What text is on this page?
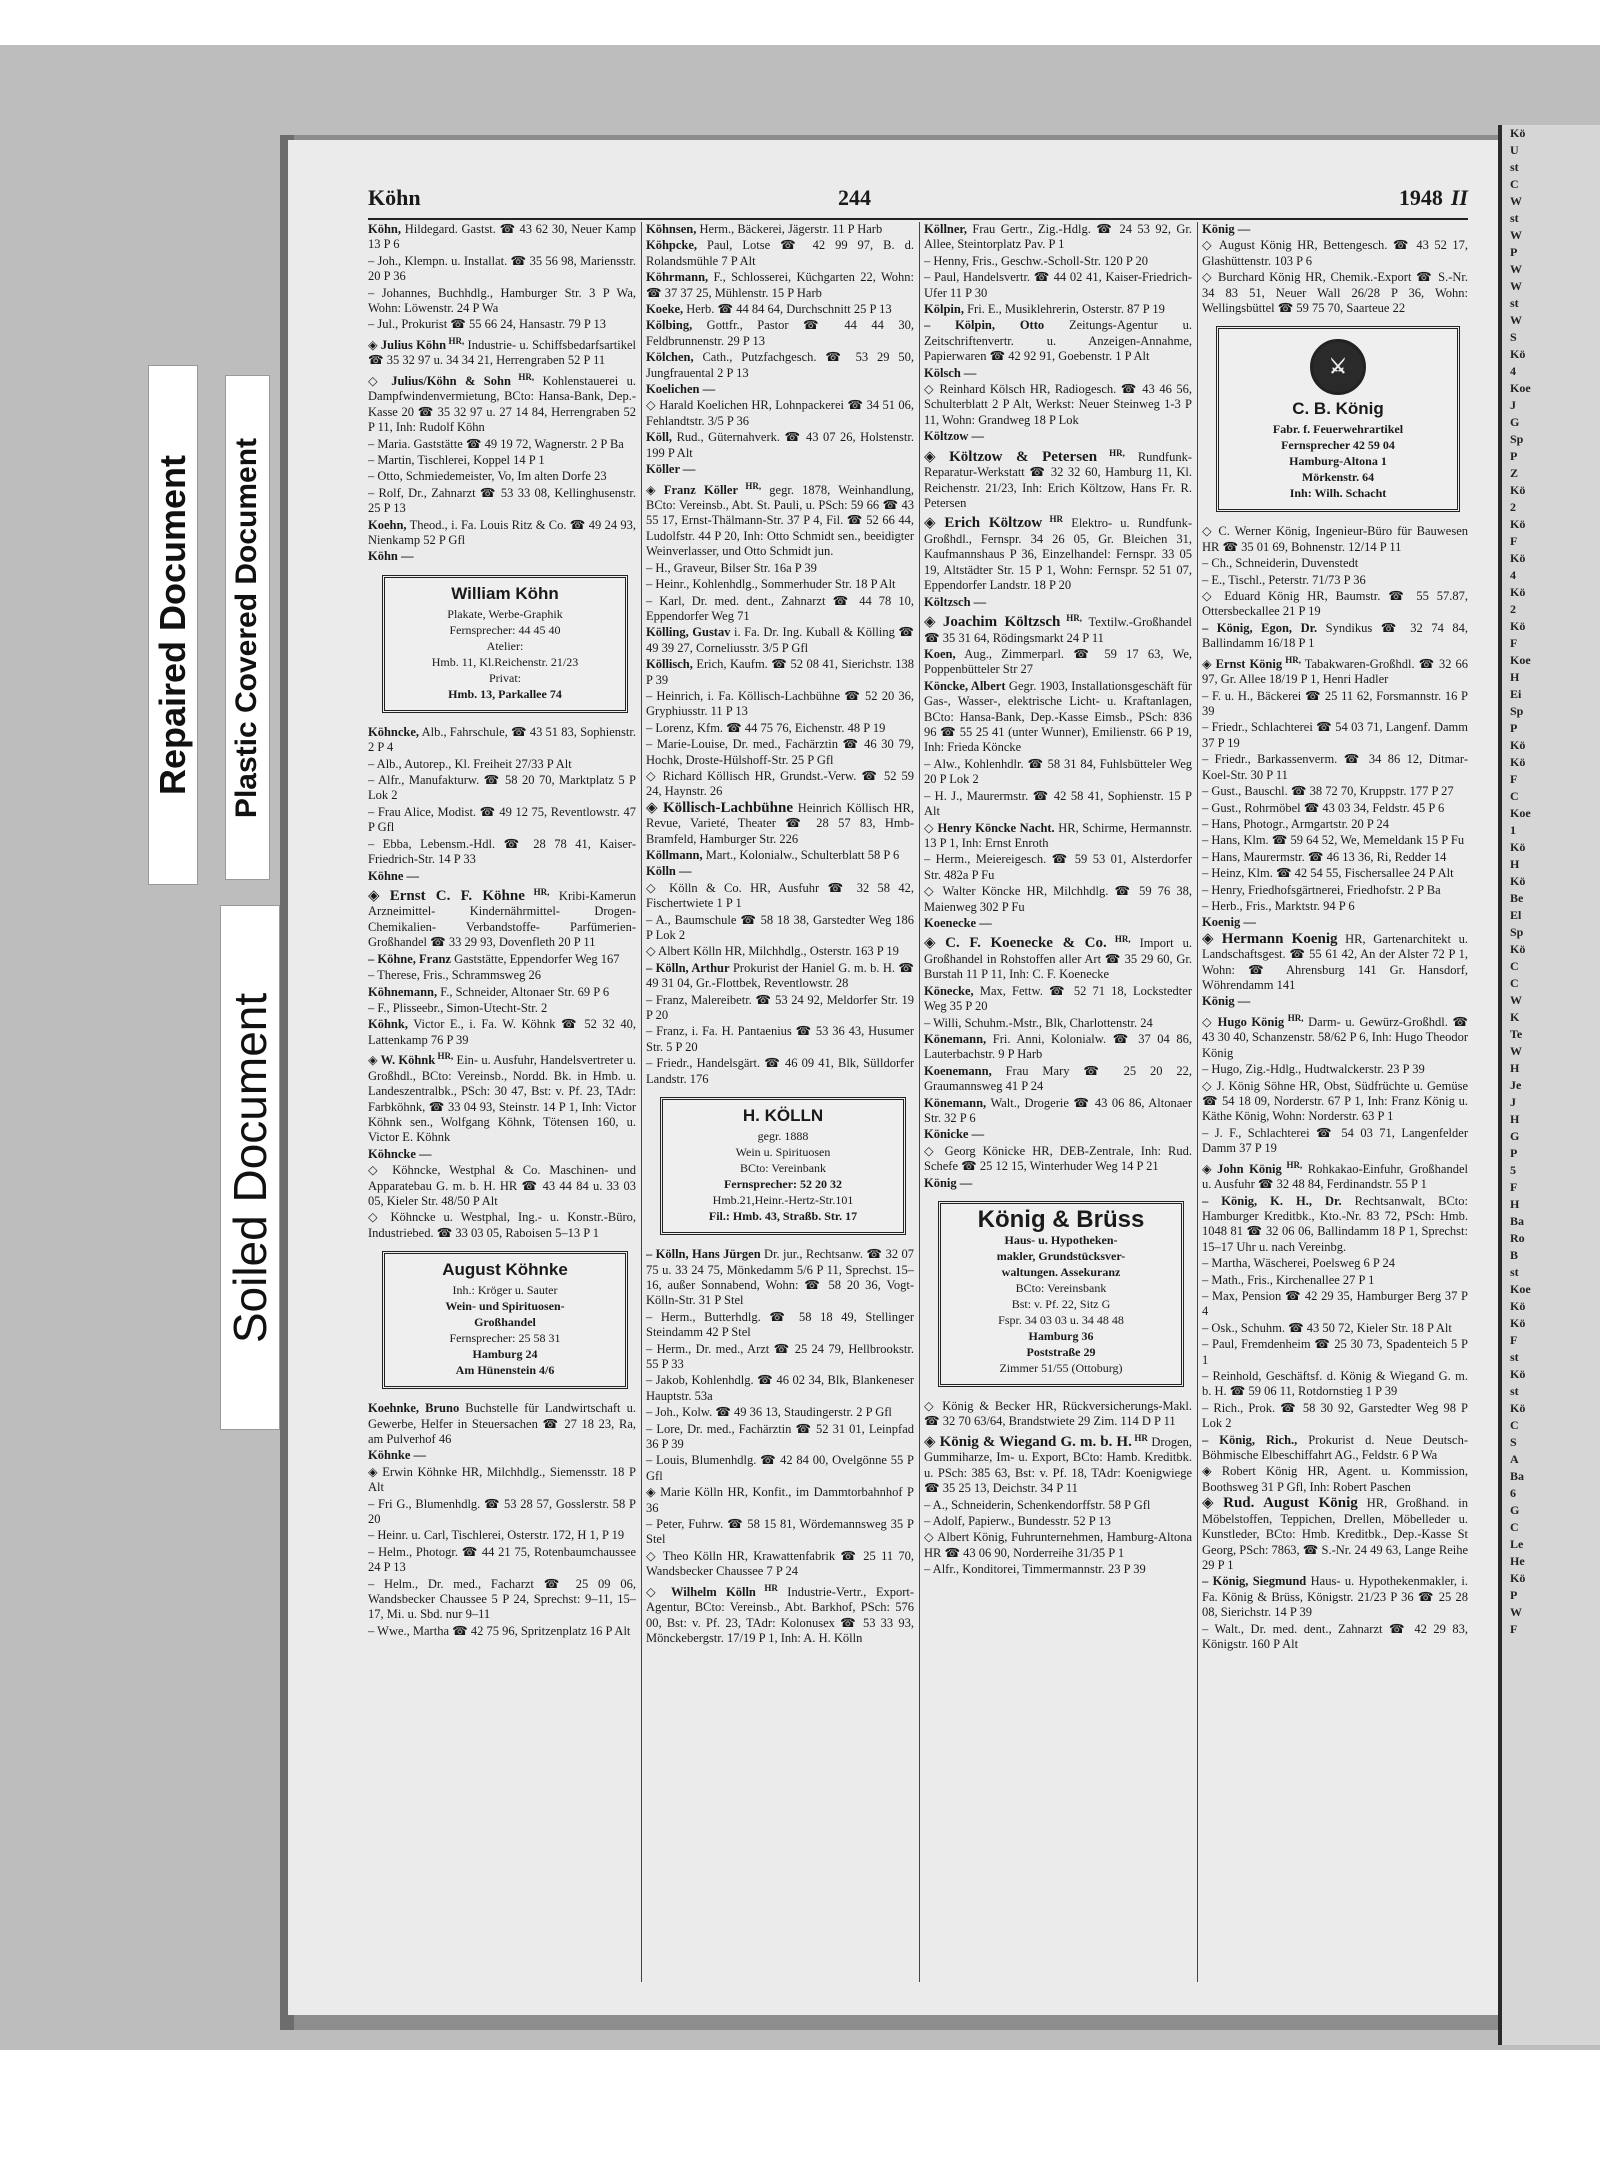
Repaired Document Plastic Covered Document
Soiled Document
Kö
U
st
C
W
st
W
P
W
W
st
W
S
Kö
4
Koe
J
G
Sp
P
Z
Kö
2
Kö
F
Kö
4
Kö
2
Kö
F
Koe
H
Ei
Sp
P
Kö
Kö
F
C
Koe
1
Kö
H
Kö
Be
El
Sp
Kö
C
C
W
K
Te
W
H
Je
J
H
G
P
5
F
H
Ba
Ro
B
st
Koe
Kö
Kö
F
st
Kö
st
Kö
C
S
A
Ba
6
G
C
Le
He
Kö
P
W
F
Köhn	244	1948 II
Köhn, Hildegard. Gastst. ☎ 43 62 30, Neuer Kamp 13 P 6
– Joh., Klempn. u. Installat. ☎ 35 56 98, Mariensstr. 20 P 36
– Johannes, Buchhdlg., Hamburger Str. 3 P Wa, Wohn: Löwenstr. 24 P Wa
– Jul., Prokurist ☎ 55 66 24, Hansastr. 79 P 13
◈ Julius Köhn $^{HR,}$ Industrie- u. Schiffsbedarfsartikel ☎ 35 32 97 u. 34 34 21, Herrengraben 52 P 11
◇ Julius/Köhn & Sohn $^{HR,}$ Kohlenstauerei u. Dampfwindenvermietung, BCto: Hansa-Bank, Dep.-Kasse 20 ☎ 35 32 97 u. 27 14 84, Herrengraben 52 P 11, Inh: Rudolf Köhn
– Maria. Gaststätte ☎ 49 19 72, Wagnerstr. 2 P Ba
– Martin, Tischlerei, Koppel 14 P 1
– Otto, Schmiedemeister, Vo, Im alten Dorfe 23
– Rolf, Dr., Zahnarzt ☎ 53 33 08, Kellinghusenstr. 25 P 13
Koehn, Theod., i. Fa. Louis Ritz & Co. ☎ 49 24 93, Nienkamp 52 P Gfl
Köhn —
William Köhn
Plakate, Werbe-Graphik
Fernsprecher: 44 45 40
Atelier:
Hmb. 11, Kl.Reichenstr. 21/23
Privat:
Hmb. 13, Parkallee 74
Köhncke, Alb., Fahrschule, ☎ 43 51 83, Sophienstr. 2 P 4
– Alb., Autorep., Kl. Freiheit 27/33 P Alt
– Alfr., Manufakturw. ☎ 58 20 70, Marktplatz 5 P Lok 2
– Frau Alice, Modist. ☎ 49 12 75, Reventlowstr. 47 P Gfl
– Ebba, Lebensm.-Hdl. ☎ 28 78 41, Kaiser-Friedrich-Str. 14 P 33
Köhne —
◈ Ernst C. F. Köhne $^{HR,}$ Kribi-Kamerun Arzneimittel- Kindernährmittel- Drogen- Chemikalien- Verbandstoffe- Parfümerien-Großhandel ☎ 33 29 93, Dovenfleth 20 P 11
– Köhne, Franz Gaststätte, Eppendorfer Weg 167
– Therese, Fris., Schrammsweg 26
Köhnemann, F., Schneider, Altonaer Str. 69 P 6
– F., Plisseebr., Simon-Utecht-Str. 2
Köhnk, Victor E., i. Fa. W. Köhnk ☎ 52 32 40, Lattenkamp 76 P 39
◈ W. Köhnk $^{HR,}$ Ein- u. Ausfuhr, Handelsvertreter u. Großhdl., BCto: Vereinsb., Nordd. Bk. in Hmb. u. Landeszentralbk., PSch: 30 47, Bst: v. Pf. 23, TAdr: Farbköhnk, ☎ 33 04 93, Steinstr. 14 P 1, Inh: Victor Köhnk sen., Wolfgang Köhnk, Tötensen 160, u. Victor E. Köhnk
Köhncke —
◇ Köhncke, Westphal & Co. Maschinen- und Apparatebau G. m. b. H. HR ☎ 43 44 84 u. 33 03 05, Kieler Str. 48/50 P Alt
◇ Köhncke u. Westphal, Ing.- u. Konstr.-Büro, Industriebed. ☎ 33 03 05, Raboisen 5–13 P 1
August Köhnke
Inh.: Kröger u. Sauter
Wein- und Spirituosen-
Großhandel
Fernsprecher: 25 58 31
Hamburg 24
Am Hünenstein 4/6
Koehnke, Bruno Buchstelle für Landwirtschaft u. Gewerbe, Helfer in Steuersachen ☎ 27 18 23, Ra, am Pulverhof 46
Köhnke —
◈ Erwin Köhnke HR, Milchhdlg., Siemensstr. 18 P Alt
– Fri G., Blumenhdlg. ☎ 53 28 57, Gosslerstr. 58 P 20
– Heinr. u. Carl, Tischlerei, Osterstr. 172, H 1, P 19
– Helm., Photogr. ☎ 44 21 75, Rotenbaumchaussee 24 P 13
– Helm., Dr. med., Facharzt ☎ 25 09 06, Wandsbecker Chaussee 5 P 24, Sprechst: 9–11, 15–17, Mi. u. Sbd. nur 9–11
– Wwe., Martha ☎ 42 75 96, Spritzenplatz 16 P Alt
Köhnsen, Herm., Bäckerei, Jägerstr. 11 P Harb
Köhpcke, Paul, Lotse ☎ 42 99 97, B. d. Rolandsmühle 7 P Alt
Köhrmann, F., Schlosserei, Küchgarten 22, Wohn: ☎ 37 37 25, Mühlenstr. 15 P Harb
Koeke, Herb. ☎ 44 84 64, Durchschnitt 25 P 13
Kölbing, Gottfr., Pastor ☎ 44 44 30, Feldbrunnenstr. 29 P 13
Kölchen, Cath., Putzfachgesch. ☎ 53 29 50, Jungfrauental 2 P 13
Koelichen —
◇ Harald Koelichen HR, Lohnpackerei ☎ 34 51 06, Fehlandtstr. 3/5 P 36
Köll, Rud., Güternahverk. ☎ 43 07 26, Holstenstr. 199 P Alt
Köller —
◈ Franz Köller $^{HR,}$ gegr. 1878, Weinhandlung, BCto: Vereinsb., Abt. St. Pauli, u. PSch: 59 66 ☎ 43 55 17, Ernst-Thälmann-Str. 37 P 4, Fil. ☎ 52 66 44, Ludolfstr. 44 P 20, Inh: Otto Schmidt sen., beeidigter Weinverlasser, und Otto Schmidt jun.
– H., Graveur, Bilser Str. 16a P 39
– Heinr., Kohlenhdlg., Sommerhuder Str. 18 P Alt
– Karl, Dr. med. dent., Zahnarzt ☎ 44 78 10, Eppendorfer Weg 71
Kölling, Gustav i. Fa. Dr. Ing. Kuball & Kölling ☎ 49 39 27, Corneliusstr. 3/5 P Gfl
Köllisch, Erich, Kaufm. ☎ 52 08 41, Sierichstr. 138 P 39
– Heinrich, i. Fa. Köllisch-Lachbühne ☎ 52 20 36, Gryphiusstr. 11 P 13
– Lorenz, Kfm. ☎ 44 75 76, Eichenstr. 48 P 19
– Marie-Louise, Dr. med., Fachärztin ☎ 46 30 79, Hochk, Droste-Hülshoff-Str. 25 P Gfl
◇ Richard Köllisch HR, Grundst.-Verw. ☎ 52 59 24, Haynstr. 26
◈ Köllisch-Lachbühne Heinrich Köllisch HR, Revue, Varieté, Theater ☎ 28 57 83, Hmb-Bramfeld, Hamburger Str. 226
Köllmann, Mart., Kolonialw., Schulterblatt 58 P 6
Kölln —
◇ Kölln & Co. HR, Ausfuhr ☎ 32 58 42, Fischertwiete 1 P 1
– A., Baumschule ☎ 58 18 38, Garstedter Weg 186 P Lok 2
◇ Albert Kölln HR, Milchhdlg., Osterstr. 163 P 19
– Kölln, Arthur Prokurist der Haniel G. m. b. H. ☎ 49 31 04, Gr.-Flottbek, Reventlowstr. 28
– Franz, Malereibetr. ☎ 53 24 92, Meldorfer Str. 19 P 20
– Franz, i. Fa. H. Pantaenius ☎ 53 36 43, Husumer Str. 5 P 20
– Friedr., Handelsgärt. ☎ 46 09 41, Blk, Sülldorfer Landstr. 176
H. KÖLLN
gegr. 1888
Wein u. Spirituosen
BCto: Vereinbank
Fernsprecher: 52 20 32
Hmb.21,Heinr.-Hertz-Str.101
Fil.: Hmb. 43, Straßb. Str. 17
– Kölln, Hans Jürgen Dr. jur., Rechtsanw. ☎ 32 07 75 u. 33 24 75, Mönkedamm 5/6 P 11, Sprechst. 15–16, außer Sonnabend, Wohn: ☎ 58 20 36, Vogt-Kölln-Str. 31 P Stel
– Herm., Butterhdlg. ☎ 58 18 49, Stellinger Steindamm 42 P Stel
– Herm., Dr. med., Arzt ☎ 25 24 79, Hellbrookstr. 55 P 33
– Jakob, Kohlenhdlg. ☎ 46 02 34, Blk, Blankeneser Hauptstr. 53a
– Joh., Kolw. ☎ 49 36 13, Staudingerstr. 2 P Gfl
– Lore, Dr. med., Fachärztin ☎ 52 31 01, Leinpfad 36 P 39
– Louis, Blumenhdlg. ☎ 42 84 00, Ovelgönne 55 P Gfl
◈ Marie Kölln HR, Konfit., im Dammtorbahnhof P 36
– Peter, Fuhrw. ☎ 58 15 81, Wördemannsweg 35 P Stel
◇ Theo Kölln HR, Krawattenfabrik ☎ 25 11 70, Wandsbecker Chaussee 7 P 24
◇ Wilhelm Kölln $^{HR}$ Industrie-Vertr., Export-Agentur, BCto: Vereinsb., Abt. Barkhof, PSch: 576 00, Bst: v. Pf. 23, TAdr: Kolonusex ☎ 53 33 93, Mönckebergstr. 17/19 P 1, Inh: A. H. Kölln
Köllner, Frau Gertr., Zig.-Hdlg. ☎ 24 53 92, Gr. Allee, Steintorplatz Pav. P 1
– Henny, Fris., Geschw.-Scholl-Str. 120 P 20
– Paul, Handelsvertr. ☎ 44 02 41, Kaiser-Friedrich-Ufer 11 P 30
Kölpin, Fri. E., Musiklehrerin, Osterstr. 87 P 19
– Kölpin, Otto Zeitungs-Agentur u. Zeitschriftenvertr. u. Anzeigen-Annahme, Papierwaren ☎ 42 92 91, Goebenstr. 1 P Alt
Kölsch —
◇ Reinhard Kölsch HR, Radiogesch. ☎ 43 46 56, Schulterblatt 2 P Alt, Werkst: Neuer Steinweg 1-3 P 11, Wohn: Grandweg 18 P Lok
Költzow —
◈ Költzow & Petersen $^{HR,}$ Rundfunk-Reparatur-Werkstatt ☎ 32 32 60, Hamburg 11, Kl. Reichenstr. 21/23, Inh: Erich Költzow, Hans Fr. R. Petersen
◈ Erich Költzow $^{HR}$ Elektro- u. Rundfunk-Großhdl., Fernspr. 34 26 05, Gr. Bleichen 31, Kaufmannshaus P 36, Einzelhandel: Fernspr. 33 05 19, Altstädter Str. 15 P 1, Wohn: Fernspr. 52 51 07, Eppendorfer Landstr. 18 P 20
Költzsch —
◈ Joachim Költzsch $^{HR,}$ Textilw.-Großhandel ☎ 35 31 64, Rödingsmarkt 24 P 11
Koen, Aug., Zimmerparl. ☎ 59 17 63, We, Poppenbütteler Str 27
Köncke, Albert Gegr. 1903, Installationsgeschäft für Gas-, Wasser-, elektrische Licht- u. Kraftanlagen, BCto: Hansa-Bank, Dep.-Kasse Eimsb., PSch: 836 96 ☎ 55 25 41 (unter Wunner), Emilienstr. 66 P 19, Inh: Frieda Köncke
– Alw., Kohlenhdlr. ☎ 58 31 84, Fuhlsbütteler Weg 20 P Lok 2
– H. J., Maurermstr. ☎ 42 58 41, Sophienstr. 15 P Alt
◇ Henry Köncke Nacht. HR, Schirme, Hermannstr. 13 P 1, Inh: Ernst Enroth
– Herm., Meiereigesch. ☎ 59 53 01, Alsterdorfer Str. 482a P Fu
◇ Walter Köncke HR, Milchhdlg. ☎ 59 76 38, Maienweg 302 P Fu
Koenecke —
◈ C. F. Koenecke & Co. $^{HR,}$ Import u. Großhandel in Rohstoffen aller Art ☎ 35 29 60, Gr. Burstah 11 P 11, Inh: C. F. Koenecke
Könecke, Max, Fettw. ☎ 52 71 18, Lockstedter Weg 35 P 20
– Willi, Schuhm.-Mstr., Blk, Charlottenstr. 24
Könemann, Fri. Anni, Kolonialw. ☎ 37 04 86, Lauterbachstr. 9 P Harb
Koenemann, Frau Mary ☎ 25 20 22, Graumannsweg 41 P 24
Könemann, Walt., Drogerie ☎ 43 06 86, Altonaer Str. 32 P 6
Könicke —
◇ Georg Könicke HR, DEB-Zentrale, Inh: Rud. Schefe ☎ 25 12 15, Winterhuder Weg 14 P 21
König —
König & Brüss
Haus- u. Hypotheken-
makler, Grundstücksver-
waltungen. Assekuranz
BCto: Vereinsbank
Bst: v. Pf. 22, Sitz G
Fspr. 34 03 03 u. 34 48 48
Hamburg 36
Poststraße 29
Zimmer 51/55 (Ottoburg)
◇ König & Becker HR, Rückversicherungs-Makl. ☎ 32 70 63/64, Brandstwiete 29 Zim. 114 D P 11
◈ König & Wiegand G. m. b. H. $^{HR}$ Drogen, Gummiharze, Im- u. Export, BCto: Hamb. Kreditbk. u. PSch: 385 63, Bst: v. Pf. 18, TAdr: Koenigwiege ☎ 35 25 13, Deichstr. 34 P 11
– A., Schneiderin, Schenkendorffstr. 58 P Gfl
– Adolf, Papierw., Bundesstr. 52 P 13
◇ Albert König, Fuhrunternehmen, Hamburg-Altona HR ☎ 43 06 90, Norderreihe 31/35 P 1
– Alfr., Konditorei, Timmermannstr. 23 P 39
König —
◇ August König HR, Bettengesch. ☎ 43 52 17, Glashüttenstr. 103 P 6
◇ Burchard König HR, Chemik.-Export ☎ S.-Nr. 34 83 51, Neuer Wall 26/28 P 36, Wohn: Wellingsbüttel ☎ 59 75 70, Saarteue 22
⚔
C. B. König
Fabr. f. Feuerwehrartikel
Fernsprecher 42 59 04
Hamburg-Altona 1
Mörkenstr. 64
Inh: Wilh. Schacht
◇ C. Werner König, Ingenieur-Büro für Bauwesen HR ☎ 35 01 69, Bohnenstr. 12/14 P 11
– Ch., Schneiderin, Duvenstedt
– E., Tischl., Peterstr. 71/73 P 36
◇ Eduard König HR, Baumstr. ☎ 55 57.87, Ottersbeckallee 21 P 19
– König, Egon, Dr. Syndikus ☎ 32 74 84, Ballindamm 16/18 P 1
◈ Ernst König $^{HR,}$ Tabakwaren-Großhdl. ☎ 32 66 97, Gr. Allee 18/19 P 1, Henri Hadler
– F. u. H., Bäckerei ☎ 25 11 62, Forsmannstr. 16 P 39
– Friedr., Schlachterei ☎ 54 03 71, Langenf. Damm 37 P 19
– Friedr., Barkassenverm. ☎ 34 86 12, Ditmar-Koel-Str. 30 P 11
– Gust., Bauschl. ☎ 38 72 70, Kruppstr. 177 P 27
– Gust., Rohrmöbel ☎ 43 03 34, Feldstr. 45 P 6
– Hans, Photogr., Armgartstr. 20 P 24
– Hans, Klm. ☎ 59 64 52, We, Memeldank 15 P Fu
– Hans, Maurermstr. ☎ 46 13 36, Ri, Redder 14
– Heinz, Klm. ☎ 42 54 55, Fischersallee 24 P Alt
– Henry, Friedhofsgärtnerei, Friedhofstr. 2 P Ba
– Herb., Fris., Marktstr. 94 P 6
Koenig —
◈ Hermann Koenig HR, Gartenarchitekt u. Landschaftsgest. ☎ 55 61 42, An der Alster 72 P 1, Wohn: ☎ Ahrensburg 141 Gr. Hansdorf, Wöhrendamm 141
König —
◇ Hugo König $^{HR,}$ Darm- u. Gewürz-Großhdl. ☎ 43 30 40, Schanzenstr. 58/62 P 6, Inh: Hugo Theodor König
– Hugo, Zig.-Hdlg., Hudtwalckerstr. 23 P 39
◇ J. König Söhne HR, Obst, Südfrüchte u. Gemüse ☎ 54 18 09, Norderstr. 67 P 1, Inh: Franz König u. Käthe König, Wohn: Norderstr. 63 P 1
– J. F., Schlachterei ☎ 54 03 71, Langenfelder Damm 37 P 19
◈ John König $^{HR,}$ Rohkakao-Einfuhr, Großhandel u. Ausfuhr ☎ 32 48 84, Ferdinandstr. 55 P 1
– König, K. H., Dr. Rechtsanwalt, BCto: Hamburger Kreditbk., Kto.-Nr. 83 72, PSch: Hmb. 1048 81 ☎ 32 06 06, Ballindamm 18 P 1, Sprechst: 15–17 Uhr u. nach Vereinbg.
– Martha, Wäscherei, Poelsweg 6 P 24
– Math., Fris., Kirchenallee 27 P 1
– Max, Pension ☎ 42 29 35, Hamburger Berg 37 P 4
– Osk., Schuhm. ☎ 43 50 72, Kieler Str. 18 P Alt
– Paul, Fremdenheim ☎ 25 30 73, Spadenteich 5 P 1
– Reinhold, Geschäftsf. d. König & Wiegand G. m. b. H. ☎ 59 06 11, Rotdornstieg 1 P 39
– Rich., Prok. ☎ 58 30 92, Garstedter Weg 98 P Lok 2
– König, Rich., Prokurist d. Neue Deutsch-Böhmische Elbeschiffahrt AG., Feldstr. 6 P Wa
◈ Robert König HR, Agent. u. Kommission, Boothsweg 31 P Gfl, Inh: Robert Paschen
◈ Rud. August König HR, Großhand. in Möbelstoffen, Teppichen, Drellen, Möbelleder u. Kunstleder, BCto: Hmb. Kreditbk., Dep.-Kasse St Georg, PSch: 7863, ☎ S.-Nr. 24 49 63, Lange Reihe 29 P 1
– König, Siegmund Haus- u. Hypothekenmakler, i. Fa. König & Brüss, Königstr. 21/23 P 36 ☎ 25 28 08, Sierichstr. 14 P 39
– Walt., Dr. med. dent., Zahnarzt ☎ 42 29 83, Königstr. 160 P Alt
